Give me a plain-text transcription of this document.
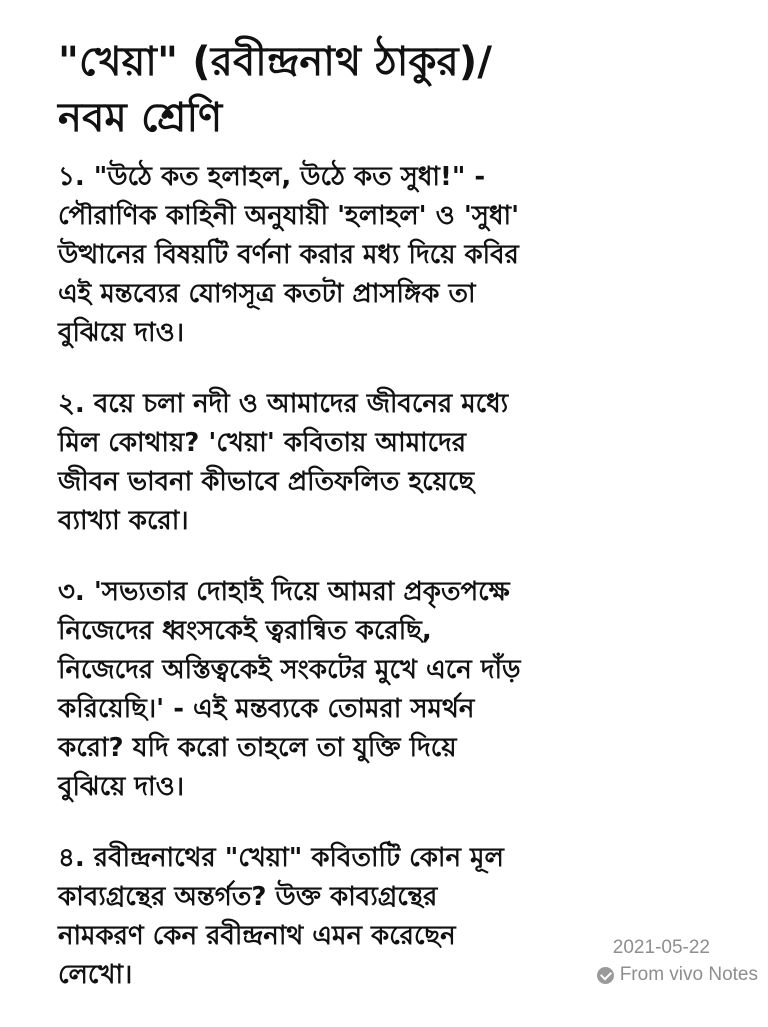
"খেয়া" (রবীন্দ্রনাথ ঠাকুর)/
নবম শ্রেণি
১. "উঠে কত হলাহল, উঠে কত সুধা!" -
পৌরাণিক কাহিনী অনুযায়ী 'হলাহল' ও 'সুধা'
উত্থানের বিষয়টি বর্ণনা করার মধ্য দিয়ে কবির
এই মন্তব্যের যোগসূত্র কতটা প্রাসঙ্গিক তা
বুঝিয়ে দাও।
২. বয়ে চলা নদী ও আমাদের জীবনের মধ্যে
মিল কোথায়? 'খেয়া' কবিতায় আমাদের
জীবন ভাবনা কীভাবে প্রতিফলিত হয়েছে
ব্যাখ্যা করো।
৩. 'সভ্যতার দোহাই দিয়ে আমরা প্রকৃতপক্ষে
নিজেদের ধ্বংসকেই ত্বরান্বিত করেছি,
নিজেদের অস্তিত্বকেই সংকটের মুখে এনে দাঁড়
করিয়েছি।' - এই মন্তব্যকে তোমরা সমর্থন
করো? যদি করো তাহলে তা যুক্তি দিয়ে
বুঝিয়ে দাও।
৪. রবীন্দ্রনাথের "খেয়া" কবিতাটি কোন মূল
কাব্যগ্রন্থের অন্তর্গত? উক্ত কাব্যগ্রন্থের
নামকরণ কেন রবীন্দ্রনাথ এমন করেছেন
লেখো।
2021-05-22
From vivo Notes
